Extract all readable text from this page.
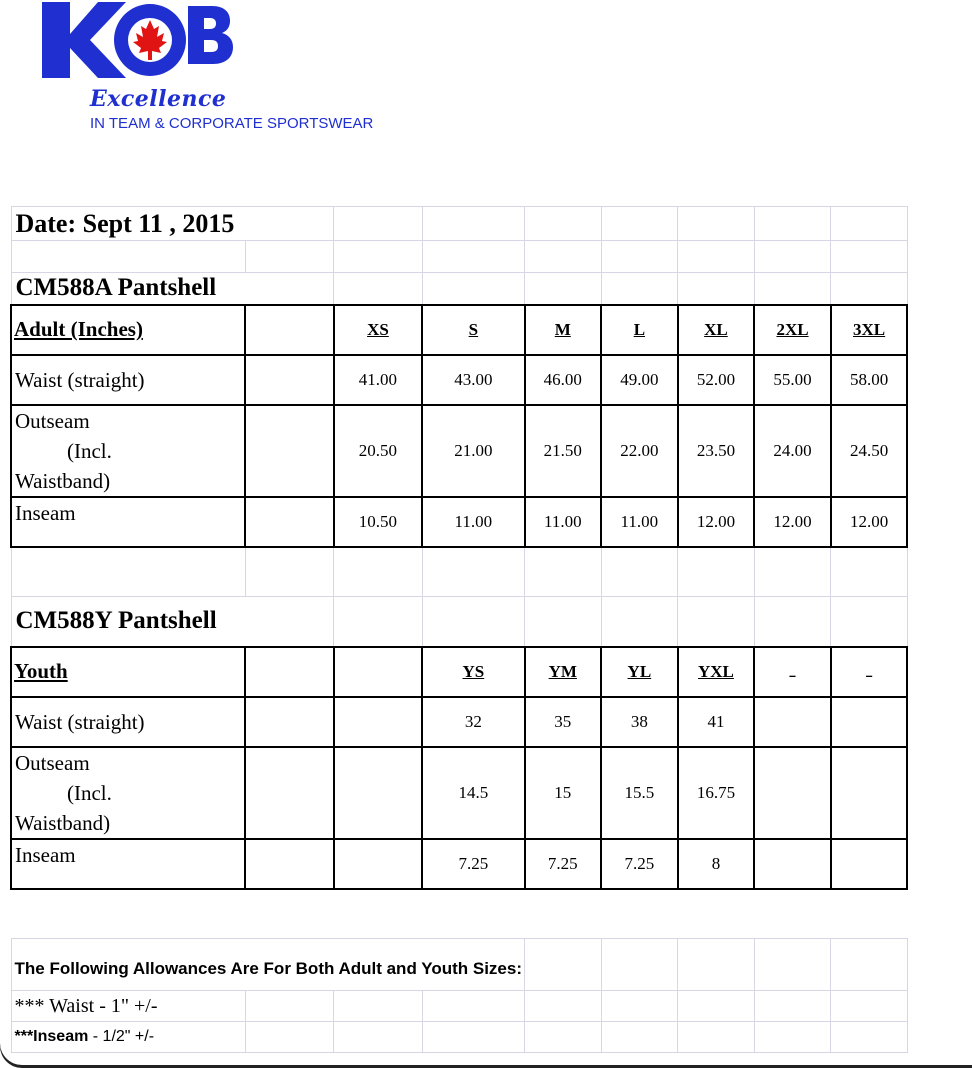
Excellence
IN TEAM & CORPORATE SPORTSWEAR
Date: Sept 11 , 2015								

CM588A Pantshell								
Adult (Inches)		XS	S	M	L	XL	2XL	3XL
Waist (straight)		41.00	43.00	46.00	49.00	52.00	55.00	58.00

Outseam
(Incl.
Waistband)		20.50	21.00	21.50	22.00	23.50	24.00	24.50
Inseam		10.50	11.00	11.00	11.00	12.00	12.00	12.00

CM588Y Pantshell								
Youth			YS	YM	YL	YXL	_	_
Waist (straight)			32	35	38	41		

Outseam
(Incl.
Waistband)			14.5	15	15.5	16.75		
Inseam			7.25	7.25	7.25	8		

The Following Allowances Are For Both Adult and Youth Sizes:								
*** Waist - 1" +/-								
***Inseam - 1/2" +/-								
